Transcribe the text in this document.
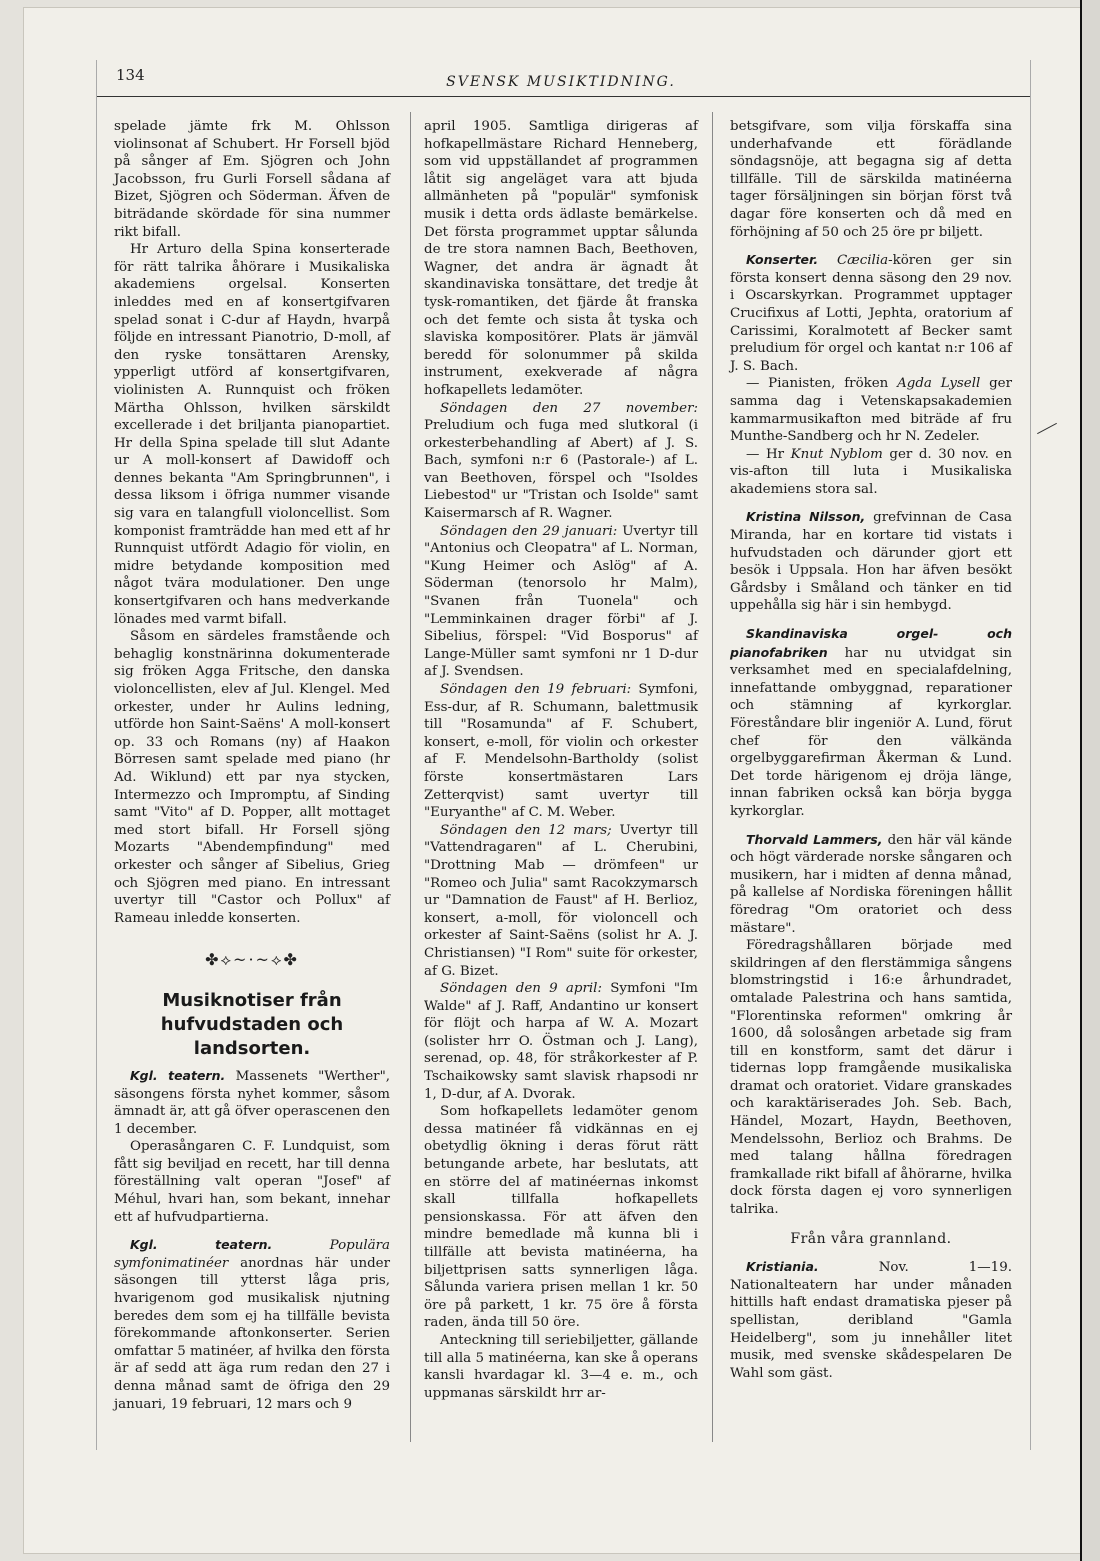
134	SVENSK MUSIKTIDNING.

spelade jämte frk M. Ohlsson violinsonat af Schubert. Hr Forsell bjöd på sånger af Em. Sjögren och John Jacobsson, fru Gurli Forsell sådana af Bizet, Sjögren och Söderman. Äfven de biträdande skördade för sina nummer rikt bifall.

Hr Arturo della Spina konserterade för rätt talrika åhörare i Musikaliska akademiens orgelsal. Konserten inleddes med en af konsertgifvaren spelad sonat i C-dur af Haydn, hvarpå följde en intressant Pianotrio, D-moll, af den ryske tonsättaren Arensky, ypperligt utförd af konsertgifvaren, violinisten A. Runnquist och fröken Märtha Ohlsson, hvilken särskildt excellerade i det briljanta pianopartiet. Hr della Spina spelade till slut Adante ur A moll-konsert af Dawidoff och dennes bekanta "Am Springbrunnen", i dessa liksom i öfriga nummer visande sig vara en talangfull violoncellist. Som komponist framträdde han med ett af hr Runnquist utfördt Adagio för violin, en midre betydande komposition med något tvära modulationer. Den unge konsertgifvaren och hans medverkande lönades med varmt bifall.

Såsom en särdeles framstående och behaglig konstnärinna dokumenterade sig fröken Agga Fritsche, den danska violoncellisten, elev af Jul. Klengel. Med orkester, under hr Aulins ledning, utförde hon Saint-Saëns' A moll-konsert op. 33 och Romans (ny) af Haakon Börresen samt spelade med piano (hr Ad. Wiklund) ett par nya stycken, Intermezzo och Impromptu, af Sinding samt "Vito" af D. Popper, allt mottaget med stort bifall. Hr Forsell sjöng Mozarts "Abendempfindung" med orkester och sånger af Sibelius, Grieg och Sjögren med piano. En intressant uvertyr till "Castor och Pollux" af Rameau inledde konserten.

✤⟡~·~⟡✤
Musiknotiser från hufvudstaden och landsorten.

Kgl. teatern. Massenets "Werther", säsongens första nyhet kommer, såsom ämnadt är, att gå öfver operascenen den 1 december.

Operasångaren C. F. Lundquist, som fått sig beviljad en recett, har till denna föreställning valt operan "Josef" af Méhul, hvari han, som bekant, innehar ett af hufvudpartierna.

Kgl. teatern.	Populära symfonimatinéer anordnas här under säsongen till ytterst låga pris, hvarigenom god musikalisk njutning beredes dem som ej ha tillfälle bevista förekommande aftonkonserter. Serien omfattar 5 matinéer, af hvilka den första är af sedd att äga rum redan den 27 i denna månad samt de öfriga den 29 januari, 19 februari, 12 mars och 9

april 1905. Samtliga dirigeras af hofkapellmästare Richard Henneberg, som vid uppställandet af programmen låtit sig angeläget vara att bjuda allmänheten på "populär" symfonisk musik i detta ords ädlaste bemärkelse. Det första programmet upptar sålunda de tre stora namnen Bach, Beethoven, Wagner, det andra är ägnadt åt skandinaviska tonsättare, det tredje åt tysk-romantiken, det fjärde åt franska och det femte och sista åt tyska och slaviska kompositörer. Plats är jämväl beredd för solonummer på skilda instrument, exekverade af några hofkapellets ledamöter.

Söndagen den 27 november: Preludium och fuga med slutkoral (i orkesterbehandling af Abert) af J. S. Bach, symfoni n:r 6 (Pastorale-) af L. van Beethoven, förspel och "Isoldes Liebestod" ur "Tristan och Isolde" samt Kaisermarsch af R. Wagner.

Söndagen den 29 januari: Uvertyr till "Antonius och Cleopatra" af L. Norman, "Kung Heimer och Aslög" af A. Söderman (tenorsolo hr Malm), "Svanen från Tuonela" och "Lemminkainen drager förbi" af J. Sibelius, förspel: "Vid Bosporus" af Lange-Müller samt symfoni nr 1 D-dur af J. Svendsen.

Söndagen den 19 februari: Symfoni, Ess-dur, af R. Schumann, balettmusik till "Rosamunda" af F. Schubert, konsert, e-moll, för violin och orkester af F. Mendelsohn-Bartholdy (solist förste konsertmästaren Lars Zetterqvist) samt uvertyr till "Euryanthe" af C. M. Weber.

Söndagen den 12 mars; Uvertyr till "Vattendragaren" af L. Cherubini, "Drottning Mab — drömfeen" ur "Romeo och Julia" samt Racokzymarsch ur "Damnation de Faust" af H. Berlioz, konsert, a-moll, för violoncell och orkester af Saint-Saëns (solist hr A. J. Christiansen) "I Rom" suite för orkester, af G. Bizet.

Söndagen den 9 april: Symfoni "Im Walde" af J. Raff, Andantino ur konsert för flöjt och harpa af W. A. Mozart (solister hrr O. Östman och J. Lang), serenad, op. 48, för stråkorkester af P. Tschaikowsky samt slavisk rhapsodi nr 1, D-dur, af A. Dvorak.

Som hofkapellets ledamöter genom dessa matinéer få vidkännas en ej obetydlig ökning i deras förut rätt betungande arbete, har beslutats, att en större del af matinéernas inkomst skall tillfalla hofkapellets pensionskassa. För att äfven den mindre bemedlade må kunna bli i tillfälle att bevista matinéerna, ha biljettprisen satts synnerligen låga. Sålunda varierа prisen mellan 1 kr. 50 öre på parkett, 1 kr. 75 öre å första raden, ända till 50 öre.

Anteckning till seriebiljetter, gällande till alla 5 matinéerna, kan ske å operans kansli hvardagar kl. 3—4 e. m., och uppmanas särskildt hrr ar-

betsgifvare, som vilja förskaffa sina underhafvande ett förädlande söndagsnöje, att begagna sig af detta tillfälle. Till de särskilda matinéerna tager försäljningen sin början först två dagar före konserten och då med en förhöjning af 50 och 25 öre pr biljett.

Konserter. Cæcilia-kören ger sin första konsert denna säsong den 29 nov. i Oscarskyrkan. Programmet upptager Crucifixus af Lotti, Jephta, oratorium af Carissimi, Koralmotett af Becker samt preludium för orgel och kantat n:r 106 af J. S. Bach.

— Pianisten, fröken Agda Lysell ger samma dag i Vetenskapsakademien kammarmusikafton med biträde af fru Munthe-Sandberg och hr N. Zedeler.

— Hr Knut Nyblom ger d. 30 nov. en vis-afton till luta i Musikaliska akademiens stora sal.

Kristina Nilsson, grefvinnan de Casa Miranda, har en kortare tid vistats i hufvudstaden och därunder gjort ett besök i Uppsala. Hon har äfven besökt Gårdsby i Småland och tänker en tid uppehålla sig här i sin hembygd.

Skandinaviska orgel- och pianofabriken har nu utvidgat sin verksamhet med en specialafdelning, innefattande ombyggnad, reparationer och stämning af kyrkorglar. Föreståndare blir ingeniör A. Lund, förut chef för den välkända orgelbyggarefirman Åkerman & Lund. Det torde härigenom ej dröja länge, innan fabriken också kan börja bygga kyrkorglar.

Thorvald Lammers, den här väl kände och högt värderade norske sångaren och musikern, har i midten af denna månad, på kallelse af Nordiska föreningen hållit föredrag "Om oratoriet och dess mästare".

Föredragshållaren började med skildringen af den flerstämmiga sångens blomstringstid i 16:e århundradet, omtalade Palestrina och hans samtida, "Florentinska reformen" omkring år 1600, då solosången arbetade sig fram till en konstform, samt det därur i tidernas lopp framgående musikaliska dramat och oratoriet. Vidare granskades och karaktäriserades Joh. Seb. Bach, Händel, Mozart, Haydn, Beethoven, Mendelssohn, Berlioz och Brahms. De med talang hållna föredragen framkallade rikt bifall af åhörarne, hvilka dock första dagen ej voro synnerligen talrika.

Från våra grannland.

Kristiania.	Nov. 1—19. Nationalteatern har under månaden hittills haft endast dramatiska pjeser på spellistan, deribland "Gamla Heidelberg", som ju innehåller litet musik, med svenske skådespelaren De Wahl som gäst.
